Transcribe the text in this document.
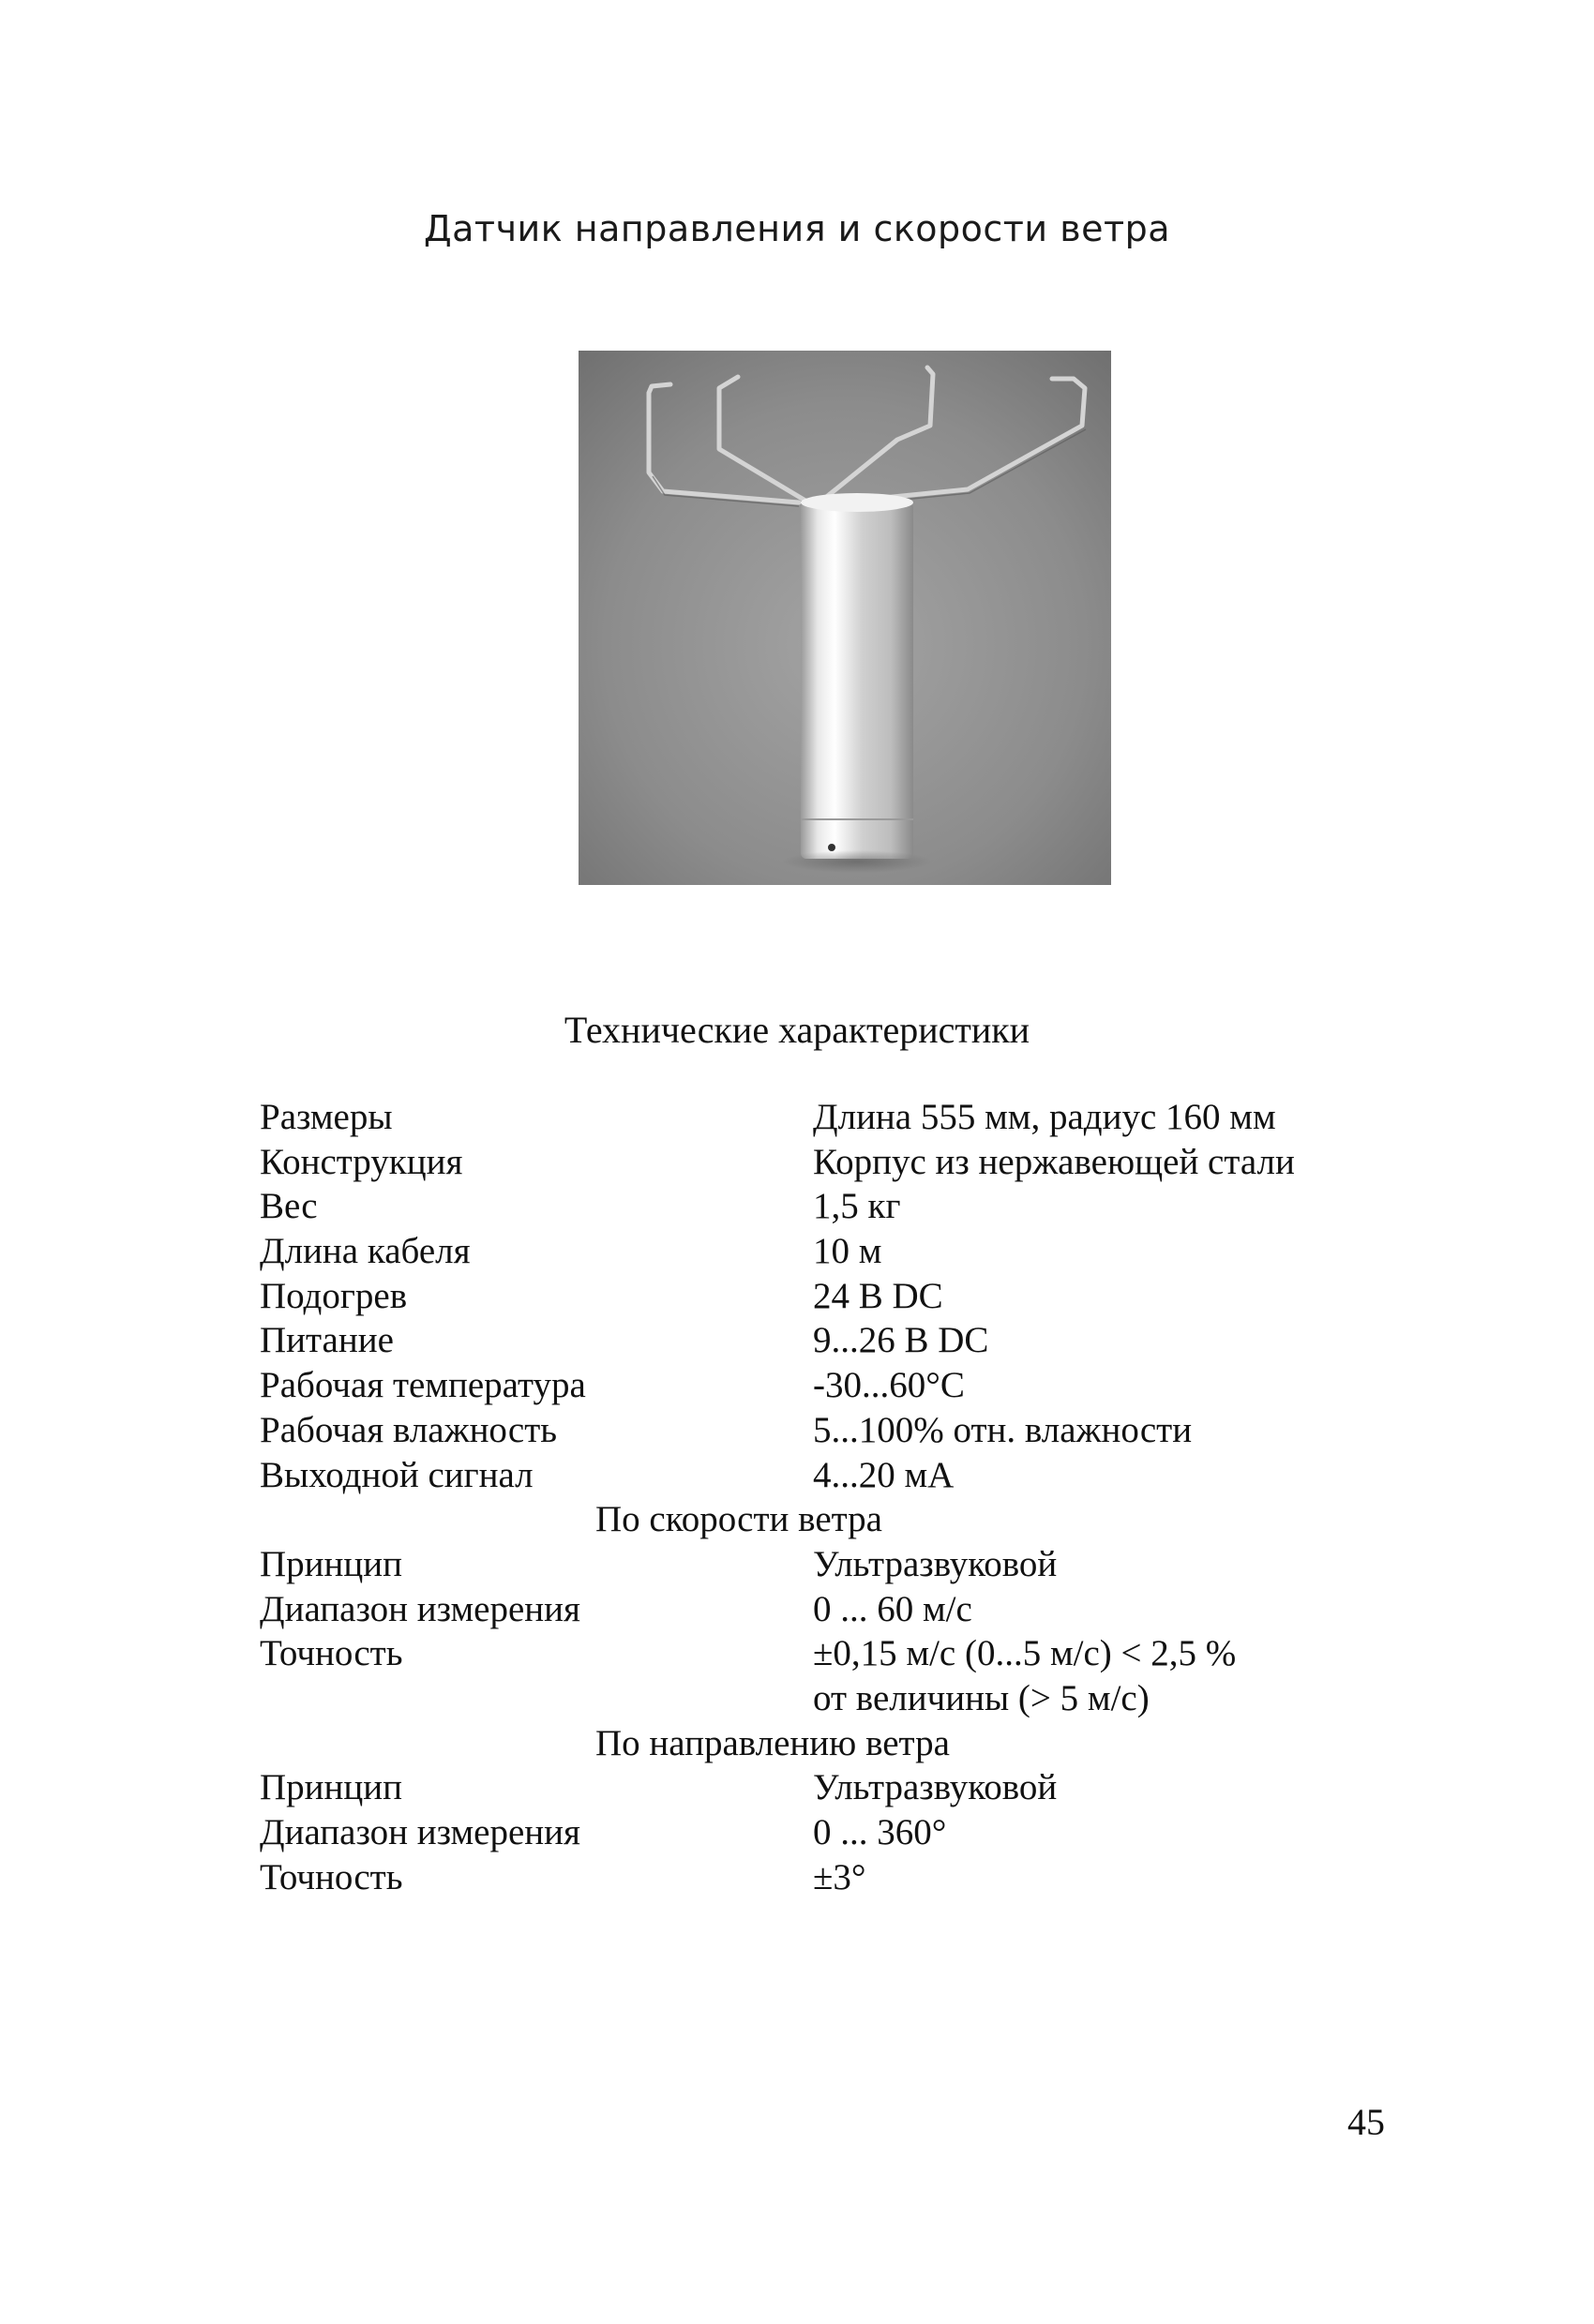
Датчик направления и скорости ветра
Технические характеристики
Размеры	Длина 555 мм, радиус 160 мм
Конструкция	Корпус из нержавеющей стали
Вес	1,5 кг
Длина кабеля	10 м
Подогрев	24 В DC
Питание	9...26 В DC
Рабочая температура	-30...60°С
Рабочая влажность	5...100% отн. влажности
Выходной сигнал	4...20 мА
По скорости ветра
Принцип	Ультразвуковой
Диапазон измерения	0 ... 60 м/с
Точность	±0,15 м/с (0...5 м/с) < 2,5 %
от величины (> 5 м/с)
По направлению ветра
Принцип	Ультразвуковой
Диапазон измерения	0 ... 360°
Точность	±3°
45
